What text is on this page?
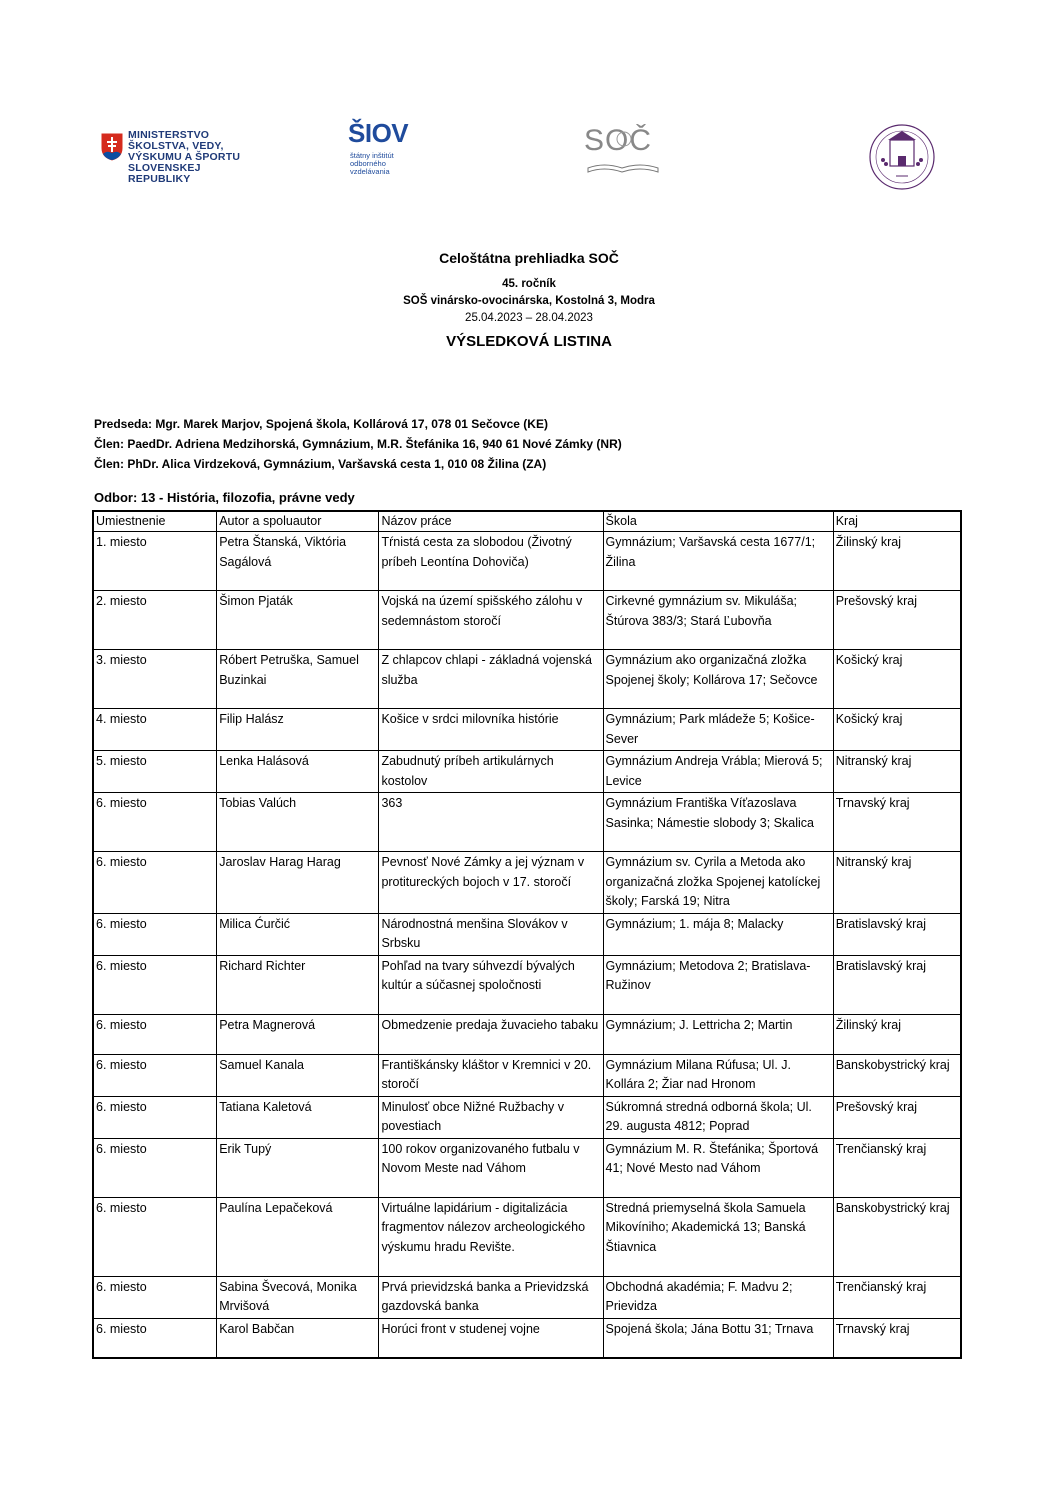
MINISTERSTVO
ŠKOLSTVA, VEDY,
VÝSKUMU A ŠPORTU
SLOVENSKEJ REPUBLIKY
ŠIOV
štátny inštitút
odborného
vzdelávania
SOČ
Celoštátna prehliadka SOČ
45. ročník
SOŠ vinársko-ovocinárska, Kostolná 3, Modra
25.04.2023 – 28.04.2023
VÝSLEDKOVÁ LISTINA
Predseda: Mgr. Marek Marjov, Spojená škola, Kollárová 17, 078 01 Sečovce (KE)
Člen: PaedDr. Adriena Medzihorská, Gymnázium, M.R. Štefánika 16, 940 61 Nové Zámky (NR)
Člen: PhDr. Alica Virdzeková, Gymnázium, Varšavská cesta 1, 010 08 Žilina (ZA)
Odbor: 13 - História, filozofia, právne vedy
Umiestnenie	Autor a spoluautor	Názov práce	Škola	Kraj
1. miesto	Petra Štanská, Viktória Sagálová	Tŕnistá cesta za slobodou (Životný príbeh Leontína Dohoviča)	Gymnázium; Varšavská cesta 1677/1; Žilina	Žilinský kraj
2. miesto	Šimon Pjaták	Vojská na území spišského zálohu v sedemnástom storočí	Cirkevné gymnázium sv. Mikuláša; Štúrova 383/3; Stará Ľubovňa	Prešovský kraj
3. miesto	Róbert Petruška, Samuel Buzinkai	Z chlapcov chlapi - základná vojenská služba	Gymnázium ako organizačná zložka Spojenej školy; Kollárova 17; Sečovce	Košický kraj
4. miesto	Filip Halász	Košice v srdci milovníka histórie	Gymnázium; Park mládeže 5; Košice-Sever	Košický kraj
5. miesto	Lenka Halásová	Zabudnutý príbeh artikulárnych kostolov	Gymnázium Andreja Vrábla; Mierová 5; Levice	Nitranský kraj
6. miesto	Tobias Valúch	363	Gymnázium Františka Víťazoslava Sasinka; Námestie slobody 3; Skalica	Trnavský kraj
6. miesto	Jaroslav Harag Harag	Pevnosť Nové Zámky a jej význam v protitureckých bojoch v 17. storočí	Gymnázium sv. Cyrila a Metoda ako organizačná zložka Spojenej katolíckej školy; Farská 19; Nitra	Nitranský kraj
6. miesto	Milica Ćurčić	Národnostná menšina Slovákov v Srbsku	Gymnázium; 1. mája 8; Malacky	Bratislavský kraj
6. miesto	Richard Richter	Pohľad na tvary súhvezdí bývalých kultúr a súčasnej spoločnosti	Gymnázium; Metodova 2; Bratislava-Ružinov	Bratislavský kraj
6. miesto	Petra Magnerová	Obmedzenie predaja žuvacieho tabaku	Gymnázium; J. Lettricha 2; Martin	Žilinský kraj
6. miesto	Samuel Kanala	Františkánsky kláštor v Kremnici v 20. storočí	Gymnázium Milana Rúfusa; Ul. J. Kollára 2; Žiar nad Hronom	Banskobystrický kraj
6. miesto	Tatiana Kaletová	Minulosť obce Nižné Ružbachy v povestiach	Súkromná stredná odborná škola; Ul. 29. augusta 4812; Poprad	Prešovský kraj
6. miesto	Erik Tupý	100 rokov organizovaného futbalu v Novom Meste nad Váhom	Gymnázium M. R. Štefánika; Športová 41; Nové Mesto nad Váhom	Trenčianský kraj
6. miesto	Paulína Lepačeková	Virtuálne lapidárium - digitalizácia fragmentov nálezov archeologického výskumu hradu Revište.	Stredná priemyselná škola Samuela Mikovíniho; Akademická 13; Banská Štiavnica	Banskobystrický kraj
6. miesto	Sabina Švecová, Monika Mrvišová	Prvá prievidzská banka a Prievidzská gazdovská banka	Obchodná akadémia; F. Madvu 2; Prievidza	Trenčianský kraj
6. miesto	Karol Babčan	Horúci front v studenej vojne	Spojená škola; Jána Bottu 31; Trnava	Trnavský kraj
